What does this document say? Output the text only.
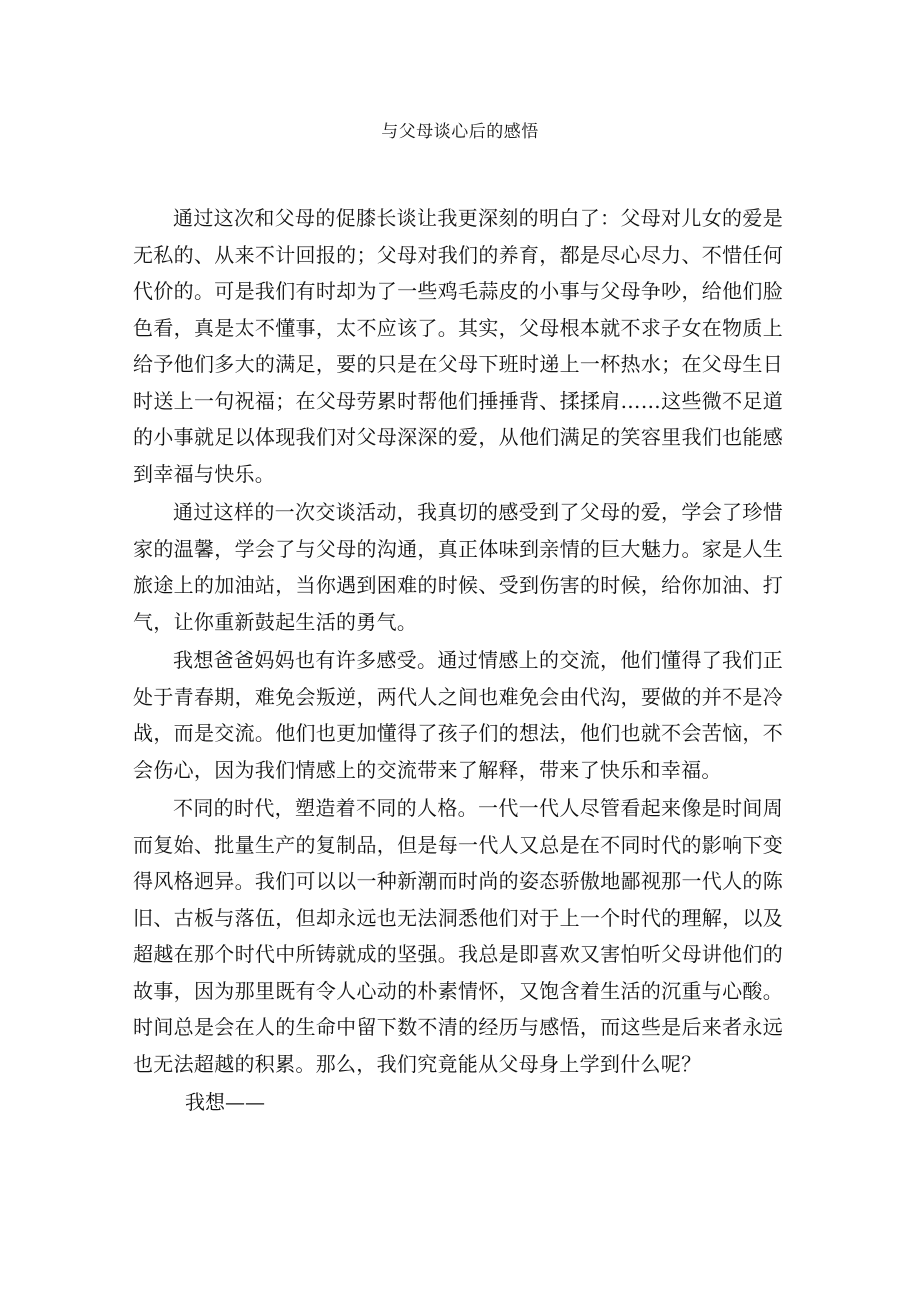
与父母谈心后的感悟

通过这次和父母的促膝长谈让我更深刻的明白了：父母对儿女的爱是无私的、从来不计回报的；父母对我们的养育，都是尽心尽力、不惜任何代价的。可是我们有时却为了一些鸡毛蒜皮的小事与父母争吵，给他们脸色看，真是太不懂事，太不应该了。其实，父母根本就不求子女在物质上给予他们多大的满足，要的只是在父母下班时递上一杯热水；在父母生日时送上一句祝福；在父母劳累时帮他们捶捶背、揉揉肩……这些微不足道的小事就足以体现我们对父母深深的爱，从他们满足的笑容里我们也能感到幸福与快乐。

通过这样的一次交谈活动，我真切的感受到了父母的爱，学会了珍惜家的温馨，学会了与父母的沟通，真正体味到亲情的巨大魅力。家是人生旅途上的加油站，当你遇到困难的时候、受到伤害的时候，给你加油、打气，让你重新鼓起生活的勇气。

我想爸爸妈妈也有许多感受。通过情感上的交流，他们懂得了我们正处于青春期，难免会叛逆，两代人之间也难免会由代沟，要做的并不是冷战，而是交流。他们也更加懂得了孩子们的想法，他们也就不会苦恼，不会伤心，因为我们情感上的交流带来了解释，带来了快乐和幸福。

不同的时代，塑造着不同的人格。一代一代人尽管看起来像是时间周而复始、批量生产的复制品，但是每一代人又总是在不同时代的影响下变得风格迥异。我们可以以一种新潮而时尚的姿态骄傲地鄙视那一代人的陈旧、古板与落伍，但却永远也无法洞悉他们对于上一个时代的理解，以及超越在那个时代中所铸就成的坚强。我总是即喜欢又害怕听父母讲他们的故事，因为那里既有令人心动的朴素情怀，又饱含着生活的沉重与心酸。时间总是会在人的生命中留下数不清的经历与感悟，而这些是后来者永远也无法超越的积累。那么，我们究竟能从父母身上学到什么呢？

我想——
